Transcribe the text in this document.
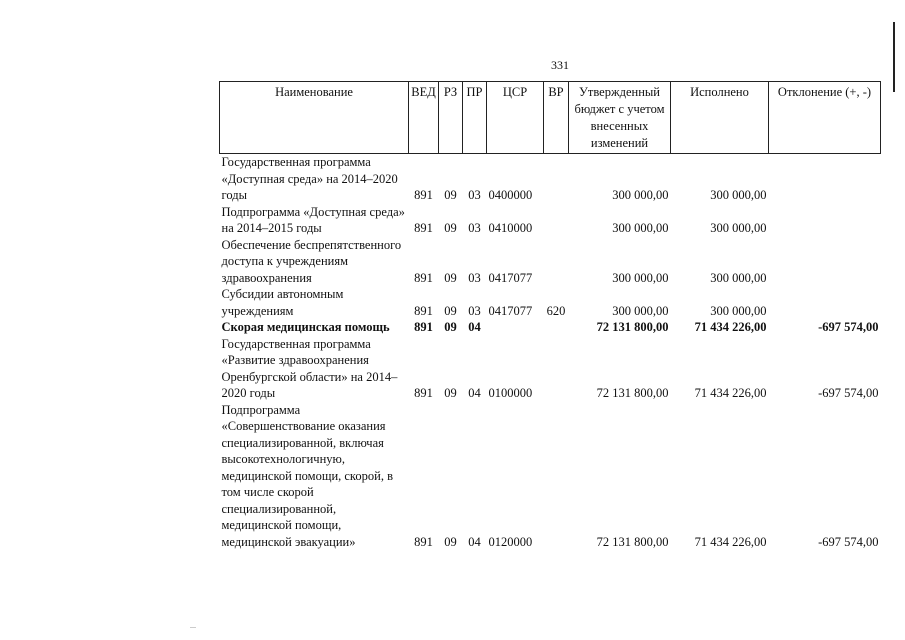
331
Наименование	ВЕД	РЗ	ПР	ЦСР	ВР	Утвержденный бюджет с учетом внесенных изменений	Исполнено	Отклонение (+, -)
Государственная программа «Доступная среда» на 2014–2020 годы	891	09	03	0400000		300 000,00	300 000,00	
Подпрограмма «Доступная среда» на 2014–2015 годы	891	09	03	0410000		300 000,00	300 000,00	
Обеспечение беспрепятственного доступа к учреждениям здравоохранения	891	09	03	0417077		300 000,00	300 000,00	
Субсидии автономным учреждениям	891	09	03	0417077	620	300 000,00	300 000,00	
Скорая медицинская помощь	891	09	04			72 131 800,00	71 434 226,00	-697 574,00
Государственная программа «Развитие здравоохранения Оренбургской области» на 2014–2020 годы	891	09	04	0100000		72 131 800,00	71 434 226,00	-697 574,00
Подпрограмма «Совершенствование оказания специализированной, включая высокотехнологичную, медицинской помощи, скорой, в том числе скорой специализированной, медицинской помощи, медицинской эвакуации»	891	09	04	0120000		72 131 800,00	71 434 226,00	-697 574,00
